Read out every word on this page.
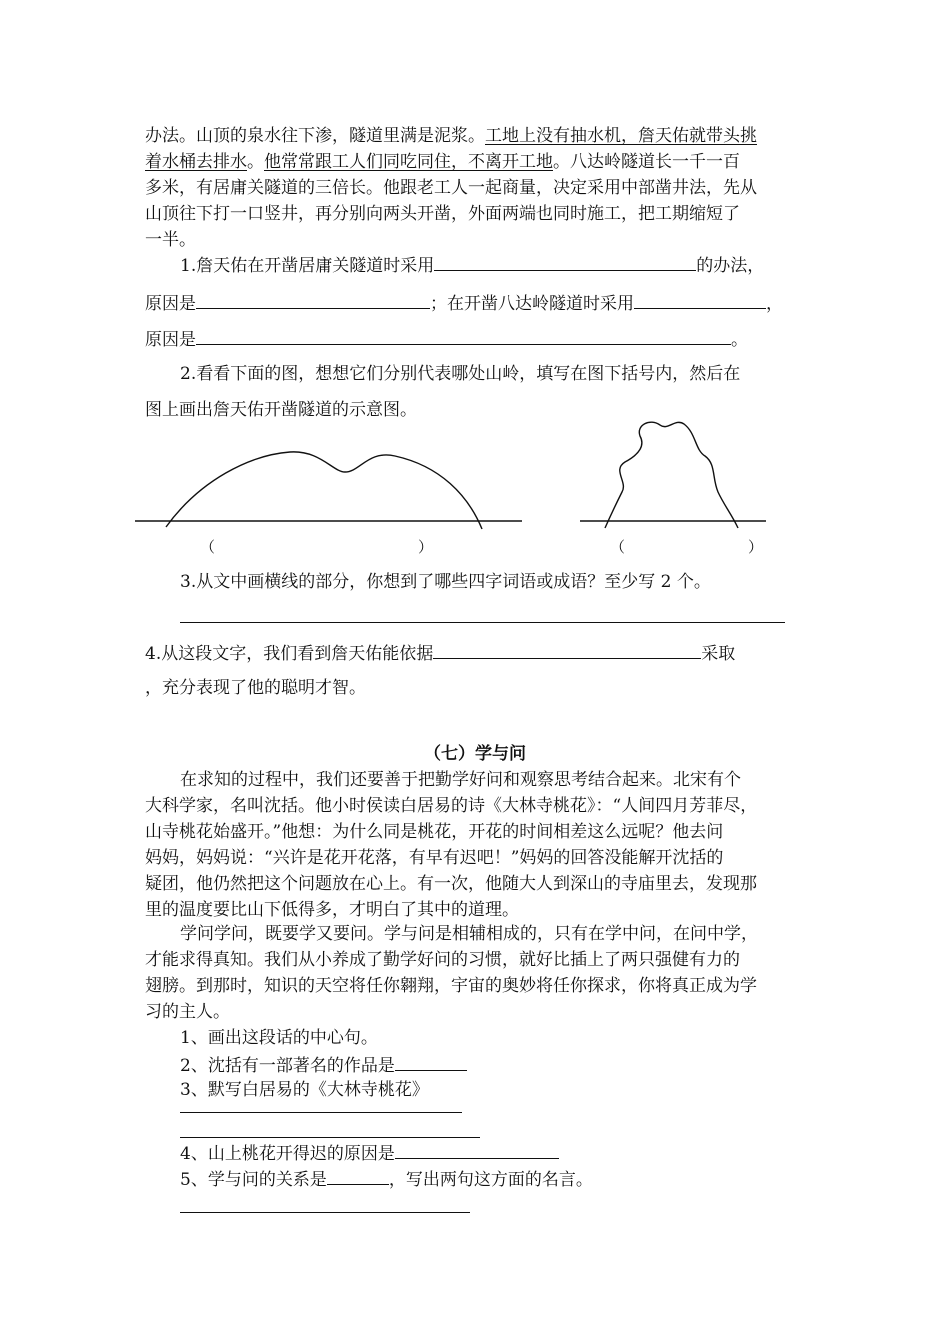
办法。山顶的泉水往下渗，隧道里满是泥浆。工地上没有抽水机，詹天佑就带头挑
着水桶去排水。他常常跟工人们同吃同住，不离开工地。八达岭隧道长一千一百
多米，有居庸关隧道的三倍长。他跟老工人一起商量，决定采用中部凿井法，先从
山顶往下打一口竖井，再分别向两头开凿，外面两端也同时施工，把工期缩短了
一半。
1.詹天佑在开凿居庸关隧道时采用	的办法，
原因是	；在开凿八达岭隧道时采用	，
原因是	。
2.看看下面的图，想想它们分别代表哪处山岭，填写在图下括号内，然后在
图上画出詹天佑开凿隧道的示意图。
（	）	（	）
3.从文中画横线的部分，你想到了哪些四字词语或成语？至少写 2 个。
4.从这段文字，我们看到詹天佑能依据	采取
，充分表现了他的聪明才智。
（七）学与问
在求知的过程中，我们还要善于把勤学好问和观察思考结合起来。北宋有个
大科学家，名叫沈括。他小时侯读白居易的诗《大林寺桃花》：“人间四月芳菲尽，
山寺桃花始盛开。”他想：为什么同是桃花，开花的时间相差这么远呢？他去问
妈妈，妈妈说：“兴许是花开花落，有早有迟吧！”妈妈的回答没能解开沈括的
疑团，他仍然把这个问题放在心上。有一次，他随大人到深山的寺庙里去，发现那
里的温度要比山下低得多，才明白了其中的道理。
学问学问，既要学又要问。学与问是相辅相成的，只有在学中问，在问中学，
才能求得真知。我们从小养成了勤学好问的习惯，就好比插上了两只强健有力的
翅膀。到那时，知识的天空将任你翱翔，宇宙的奥妙将任你探求，你将真正成为学
习的主人。
1、画出这段话的中心句。
2、沈括有一部著名的作品是
3、默写白居易的《大林寺桃花》
4、山上桃花开得迟的原因是
5、学与问的关系是	，写出两句这方面的名言。
